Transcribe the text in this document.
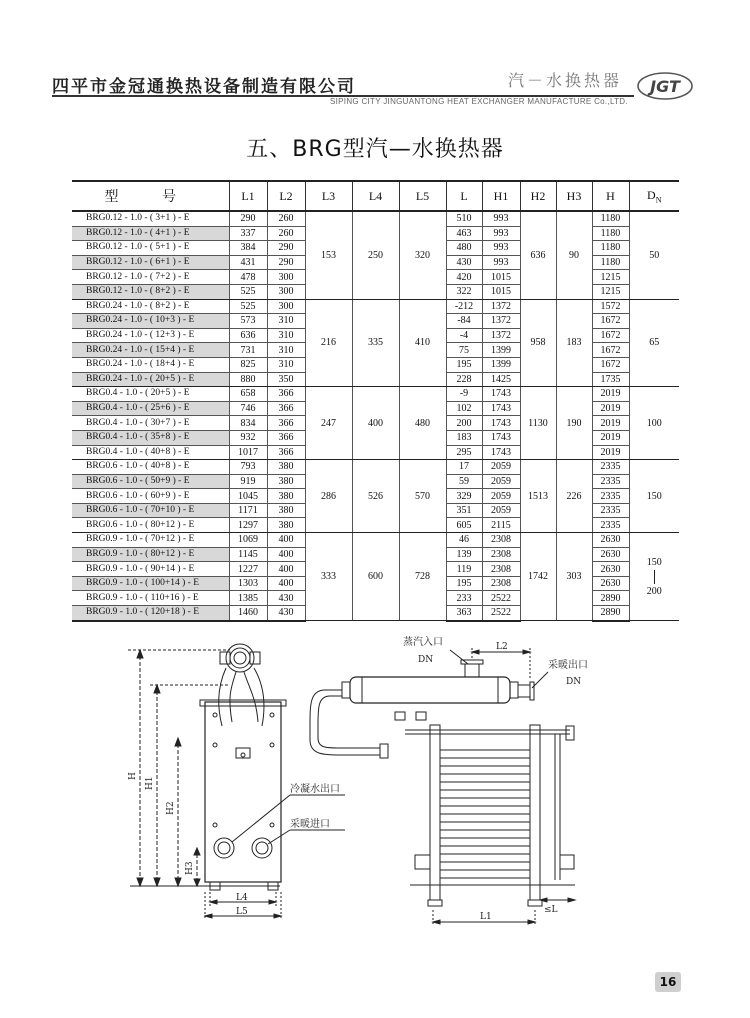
四平市金冠通换热设备制造有限公司	汽－水换热器
SIPING CITY JINGUANTONG HEAT EXCHANGER MANUFACTURE Co.,LTD.
JGT
五、BRG型汽—水换热器
型 号	L1	L2	L3	L4	L5	L	H1	H2	H3	H	$D_N$
BRG0.12 - 1.0 - ( 3+1 ) - E	290	260	153	250	320	510	993	636	90	1180	50
BRG0.12 - 1.0 - ( 4+1 ) - E	337	260				463	993			1180	
BRG0.12 - 1.0 - ( 5+1 ) - E	384	290				480	993			1180	
BRG0.12 - 1.0 - ( 6+1 ) - E	431	290				430	993			1180	
BRG0.12 - 1.0 - ( 7+2 ) - E	478	300				420	1015			1215	
BRG0.12 - 1.0 - ( 8+2 ) - E	525	300				322	1015			1215	
BRG0.24 - 1.0 - ( 8+2 ) - E	525	300	216	335	410	-212	1372	958	183	1572	65
BRG0.24 - 1.0 - ( 10+3 ) - E	573	310				-84	1372			1672	
BRG0.24 - 1.0 - ( 12+3 ) - E	636	310				-4	1372			1672	
BRG0.24 - 1.0 - ( 15+4 ) - E	731	310				75	1399			1672	
BRG0.24 - 1.0 - ( 18+4 ) - E	825	310				195	1399			1672	
BRG0.24 - 1.0 - ( 20+5 ) - E	880	350				228	1425			1735	
BRG0.4 - 1.0 - ( 20+5 ) - E	658	366	247	400	480	-9	1743	1130	190	2019	100
BRG0.4 - 1.0 - ( 25+6 ) - E	746	366				102	1743			2019	
BRG0.4 - 1.0 - ( 30+7 ) - E	834	366				200	1743			2019	
BRG0.4 - 1.0 - ( 35+8 ) - E	932	366				183	1743			2019	
BRG0.4 - 1.0 - ( 40+8 ) - E	1017	366				295	1743			2019	
BRG0.6 - 1.0 - ( 40+8 ) - E	793	380	286	526	570	17	2059	1513	226	2335	150
BRG0.6 - 1.0 - ( 50+9 ) - E	919	380				59	2059			2335	
BRG0.6 - 1.0 - ( 60+9 ) - E	1045	380				329	2059			2335	
BRG0.6 - 1.0 - ( 70+10 ) - E	1171	380				351	2059			2335	
BRG0.6 - 1.0 - ( 80+12 ) - E	1297	380				605	2115			2335	
BRG0.9 - 1.0 - ( 70+12 ) - E	1069	400	333	600	728	46	2308	1742	303	2630	150
200

BRG0.9 - 1.0 - ( 80+12 ) - E	1145	400				139	2308			2630	
BRG0.9 - 1.0 - ( 90+14 ) - E	1227	400				119	2308			2630	
BRG0.9 - 1.0 - ( 100+14 ) - E	1303	400				195	2308			2630	
BRG0.9 - 1.0 - ( 110+16 ) - E	1385	430				233	2522			2890	
BRG0.9 - 1.0 - ( 120+18 ) - E	1460	430				363	2522			2890	
H
H1
H2
H3
L4
L5
冷凝水出口
采暖进口
L1
≤L
L2
蒸汽入口
DN	采暖出口
DN
16
